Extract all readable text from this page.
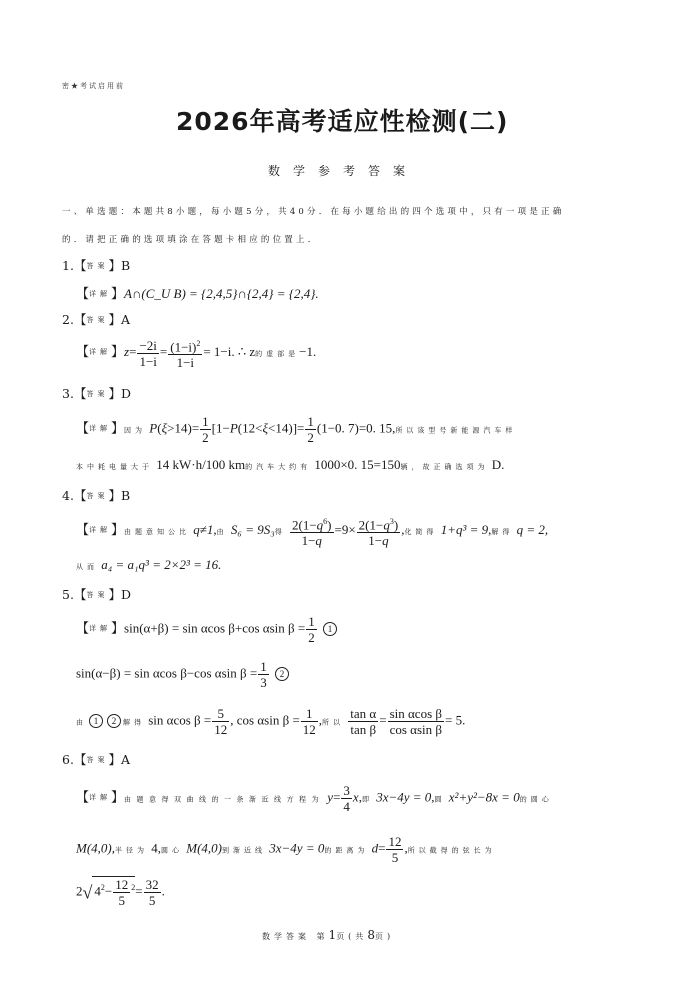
密★考试启用前
2026年高考适应性检测(二)
数学参考答案
一、单选题：本题共8小题，每小题5分，共40分．在每小题给出的四个选项中，只有一项是正确
的．请把正确的选项填涂在答题卡相应的位置上．
1.【答案】B
【详解】A∩(C_U B) = {2,4,5}∩{2,4} = {2,4}.
2.【答案】A
【详解】$z= \frac{-2i}{1-i} = \frac{(1-i)^2}{1-i} = 1-i$. ∴ z的虚部是−1.
3.【答案】D
【详解】因为 $P(\xi>14)= \frac{1}{2} [1-P(12<\xi<14)]= \frac{1}{2} (1-0$. 7)=0. 15,所以该型号新能源汽车样
本中耗电量大于 14 kW·h/100 km的汽车大约有 1000×0. 15=150辆，故正确选项为 D.
4.【答案】B
【详解】由题意知公比 q≠1,由 S₆ = 9S₃得 $\frac{2(1-q^6)}{1-q} =9\times \frac{2(1-q^3)}{1-q}$ ,化简得 1+q³ = 9,解得 q = 2,
从而 a₄ = a₁q³ = 2×2³ = 16.
5.【答案】D
【详解】sin(α+β) = sin αcos β+cos αsin $\beta = \frac{1}{2} 1$
sin(α−β) = sin αcos β−cos αsin $\beta = \frac{1}{3} 2$
由 1 2 解得 sin αcos $\beta = \frac{5}{12}$ , cos αsin $\beta = \frac{1}{12}$ ,所以 $\frac{\text{tan α}}{\text{tan β}} = \frac{\text{sin αcos β}}{\text{cos αsin β}} = 5$.
6.【答案】A
【详解】由题意得双曲线的一条渐近线方程为 $y= \frac{3}{4} x$,即 3x−4y = 0,圆 x²+y²−8x = 0的圆心
M(4,0),半径为 4,圆心 M(4,0)到渐近线 3x−4y = 0的距离为 $d= \frac{12}{5}$ ,所以截得的弦长为
2√ $4^2- \frac{12}{5} ^2= \frac{32}{5}$ .
数学答案 第1页(共8页)
